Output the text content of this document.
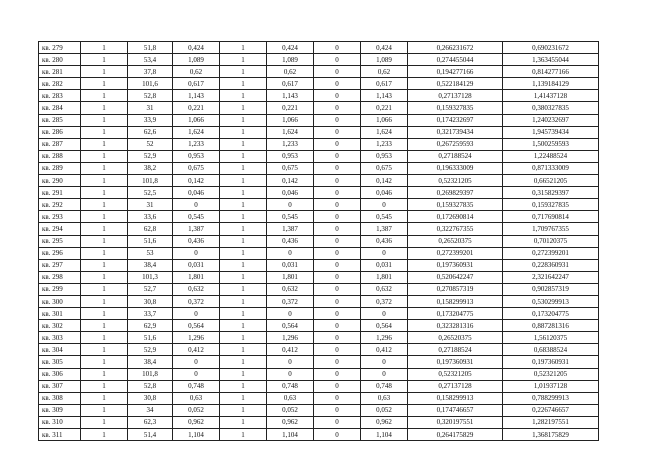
кв. 279	1	51,8	0,424	1	0,424	0	0,424	0,266231672	0,690231672
кв. 280	1	53,4	1,089	1	1,089	0	1,089	0,274455044	1,363455044
кв. 281	1	37,8	0,62	1	0,62	0	0,62	0,194277166	0,814277166
кв. 282	1	101,6	0,617	1	0,617	0	0,617	0,522184129	1,139184129
кв. 283	1	52,8	1,143	1	1,143	0	1,143	0,27137128	1,41437128
кв. 284	1	31	0,221	1	0,221	0	0,221	0,159327835	0,380327835
кв. 285	1	33,9	1,066	1	1,066	0	1,066	0,174232697	1,240232697
кв. 286	1	62,6	1,624	1	1,624	0	1,624	0,321739434	1,945739434
кв. 287	1	52	1,233	1	1,233	0	1,233	0,267259593	1,500259593
кв. 288	1	52,9	0,953	1	0,953	0	0,953	0,27188524	1,22488524
кв. 289	1	38,2	0,675	1	0,675	0	0,675	0,196333009	0,871333009
кв. 290	1	101,8	0,142	1	0,142	0	0,142	0,52321205	0,66521205
кв. 291	1	52,5	0,046	1	0,046	0	0,046	0,269829397	0,315829397
кв. 292	1	31	0	1	0	0	0	0,159327835	0,159327835
кв. 293	1	33,6	0,545	1	0,545	0	0,545	0,172690814	0,717690814
кв. 294	1	62,8	1,387	1	1,387	0	1,387	0,322767355	1,709767355
кв. 295	1	51,6	0,436	1	0,436	0	0,436	0,26520375	0,70120375
кв. 296	1	53	0	1	0	0	0	0,272399201	0,272399201
кв. 297	1	38,4	0,031	1	0,031	0	0,031	0,197360931	0,228360931
кв. 298	1	101,3	1,801	1	1,801	0	1,801	0,520642247	2,321642247
кв. 299	1	52,7	0,632	1	0,632	0	0,632	0,270857319	0,902857319
кв. 300	1	30,8	0,372	1	0,372	0	0,372	0,158299913	0,530299913
кв. 301	1	33,7	0	1	0	0	0	0,173204775	0,173204775
кв. 302	1	62,9	0,564	1	0,564	0	0,564	0,323281316	0,887281316
кв. 303	1	51,6	1,296	1	1,296	0	1,296	0,26520375	1,56120375
кв. 304	1	52,9	0,412	1	0,412	0	0,412	0,27188524	0,68388524
кв. 305	1	38,4	0	1	0	0	0	0,197360931	0,197360931
кв. 306	1	101,8	0	1	0	0	0	0,52321205	0,52321205
кв. 307	1	52,8	0,748	1	0,748	0	0,748	0,27137128	1,01937128
кв. 308	1	30,8	0,63	1	0,63	0	0,63	0,158299913	0,788299913
кв. 309	1	34	0,052	1	0,052	0	0,052	0,174746657	0,226746657
кв. 310	1	62,3	0,962	1	0,962	0	0,962	0,320197551	1,282197551
кв. 311	1	51,4	1,104	1	1,104	0	1,104	0,264175829	1,368175829
